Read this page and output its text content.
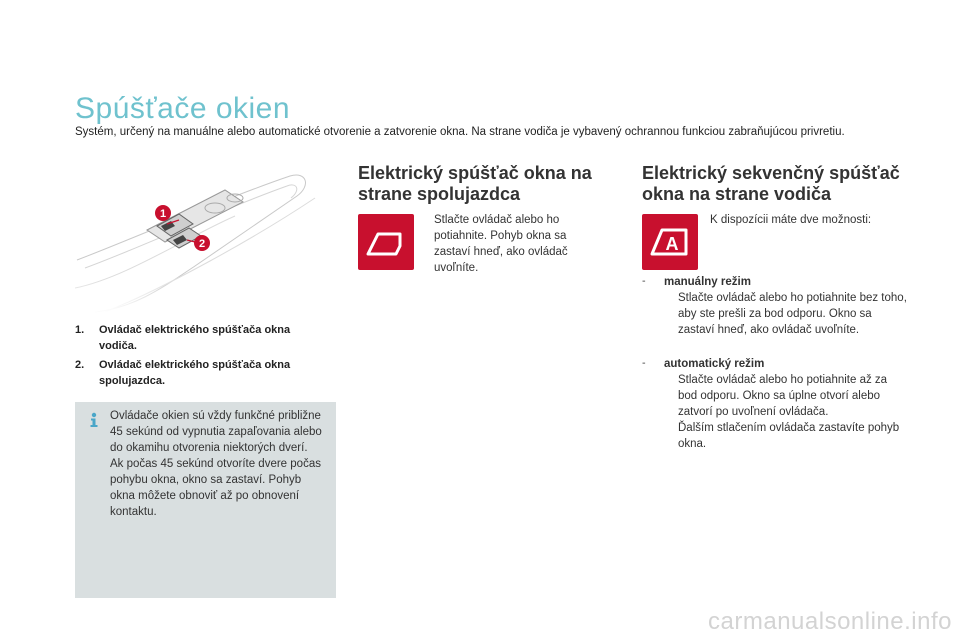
Spúšťače okien
Systém, určený na manuálne alebo automatické otvorenie a zatvorenie okna. Na strane vodiča je vybavený ochrannou funkciou zabraňujúcou privretiu.
1
2
1.	Ovládač elektrického spúšťača okna vodiča.
2.	Ovládač elektrického spúšťača okna spolujazdca.
Ovládače okien sú vždy funkčné približne 45 sekúnd od vypnutia zapaľovania alebo do okamihu otvorenia niektorých dverí.
Ak počas 45 sekúnd otvoríte dvere počas pohybu okna, okno sa zastaví. Pohyb okna môžete obnoviť až po obnovení kontaktu.
Elektrický spúšťač okna na strane spolujazdca
Stlačte ovládač alebo ho potiahnite. Pohyb okna sa zastaví hneď, ako ovládač uvoľníte.
Elektrický sekvenčný spúšťač okna na strane vodiča
A
K dispozícii máte dve možnosti:
-	manuálny režim
Stlačte ovládač alebo ho potiahnite bez toho, aby ste prešli za bod odporu. Okno sa zastaví hneď, ako ovládač uvoľníte.
-	automatický režim
Stlačte ovládač alebo ho potiahnite až za bod odporu. Okno sa úplne otvorí alebo zatvorí po uvoľnení ovládača.
Ďalším stlačením ovládača zastavíte pohyb okna.
carmanualsonline.info
